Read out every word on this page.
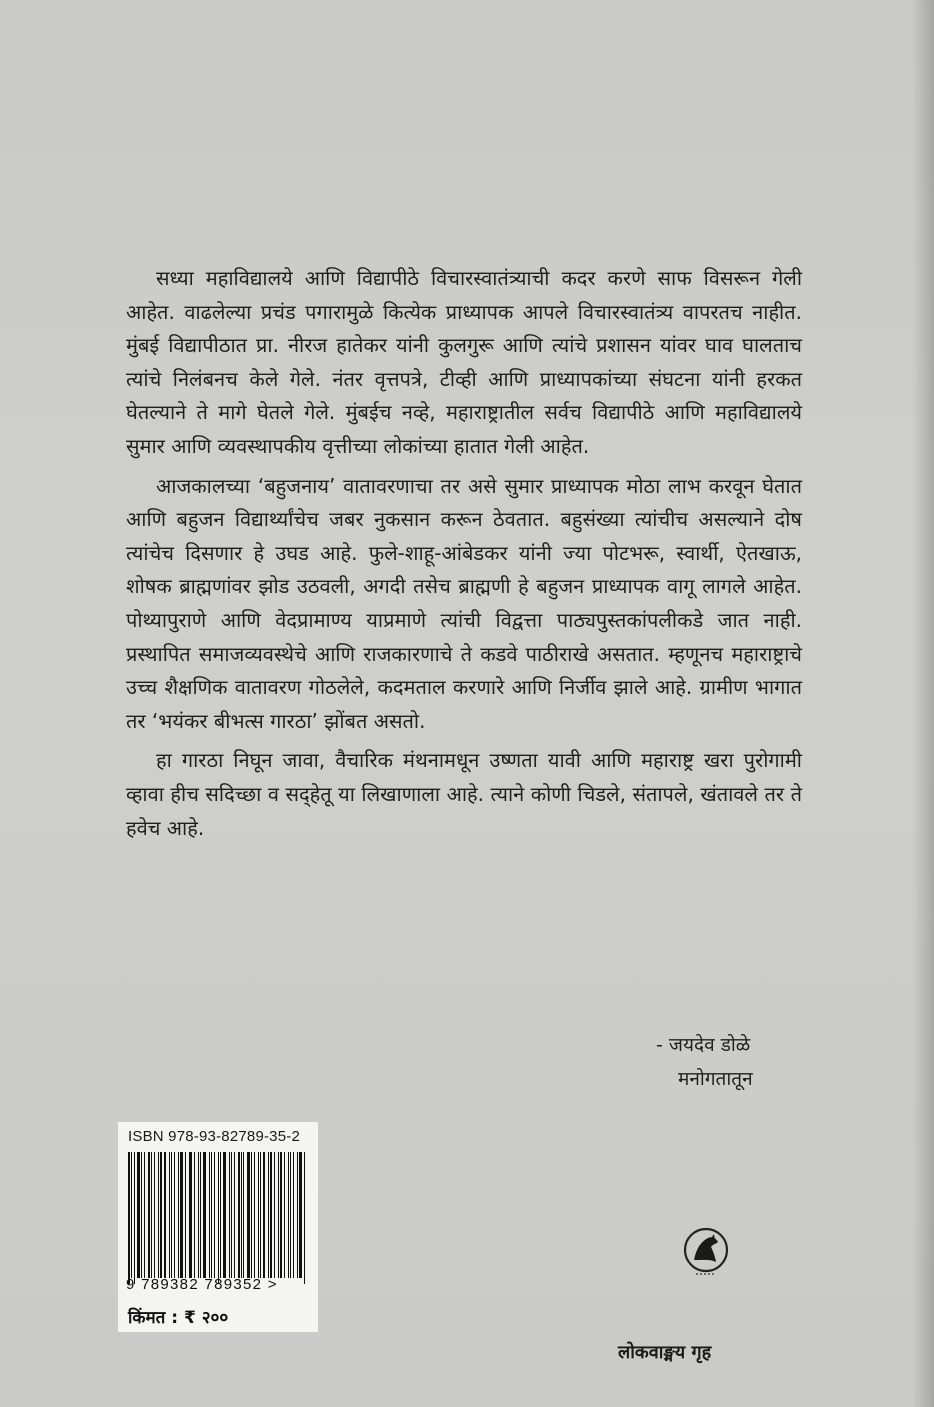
सध्या महाविद्यालये आणि विद्यापीठे विचारस्वातंत्र्याची कदर करणे साफ विसरून गेली आहेत. वाढलेल्या प्रचंड पगारामुळे कित्येक प्राध्यापक आपले विचारस्वातंत्र्य वापरतच नाहीत. मुंबई विद्यापीठात प्रा. नीरज हातेकर यांनी कुलगुरू आणि त्यांचे प्रशासन यांवर घाव घालताच त्यांचे निलंबनच केले गेले. नंतर वृत्तपत्रे, टीव्ही आणि प्राध्यापकांच्या संघटना यांनी हरकत घेतल्याने ते मागे घेतले गेले. मुंबईच नव्हे, महाराष्ट्रातील सर्वच विद्यापीठे आणि महाविद्यालये सुमार आणि व्यवस्थापकीय वृत्तीच्या लोकांच्या हातात गेली आहेत.

आजकालच्या ‘बहुजनाय’ वातावरणाचा तर असे सुमार प्राध्यापक मोठा लाभ करवून घेतात आणि बहुजन विद्यार्थ्यांचेच जबर नुकसान करून ठेवतात. बहुसंख्या त्यांचीच असल्याने दोष त्यांचेच दिसणार हे उघड आहे. फुले-शाहू-आंबेडकर यांनी ज्या पोटभरू, स्वार्थी, ऐतखाऊ, शोषक ब्राह्मणांवर झोड उठवली, अगदी तसेच ब्राह्मणी हे बहुजन प्राध्यापक वागू लागले आहेत. पोथ्यापुराणे आणि वेदप्रामाण्य याप्रमाणे त्यांची विद्वत्ता पाठ्यपुस्तकांपलीकडे जात नाही. प्रस्थापित समाजव्यवस्थेचे आणि राजकारणाचे ते कडवे पाठीराखे असतात. म्हणूनच महाराष्ट्राचे उच्च शैक्षणिक वातावरण गोठलेले, कदमताल करणारे आणि निर्जीव झाले आहे. ग्रामीण भागात तर ‘भयंकर बीभत्स गारठा’ झोंबत असतो.

हा गारठा निघून जावा, वैचारिक मंथनामधून उष्णता यावी आणि महाराष्ट्र खरा पुरोगामी व्हावा हीच सदिच्छा व सद्हेतू या लिखाणाला आहे. त्याने कोणी चिडले, संतापले, खंतावले तर ते हवेच आहे.

- जयदेव डोळे
मनोगतातून
ISBN 978-93-82789-35-2
9 789382 789352 >
किंमत : ₹ २००
लोकवाङ्मय गृह
